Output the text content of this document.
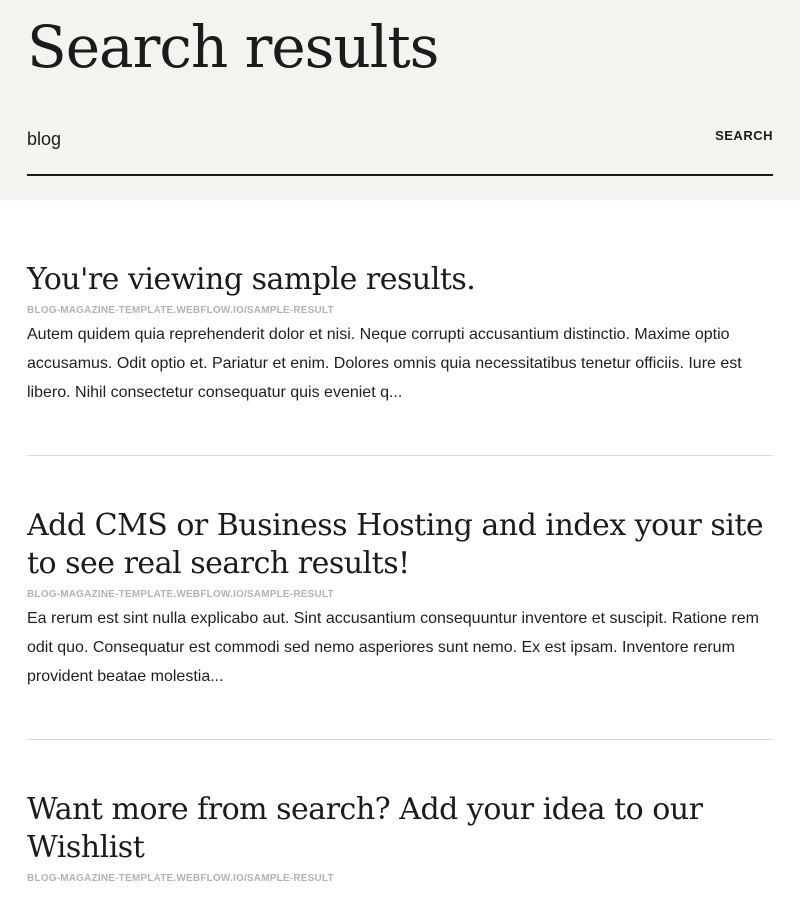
Search results
blog
SEARCH
You're viewing sample results.
BLOG-MAGAZINE-TEMPLATE.WEBFLOW.IO/SAMPLE-RESULT

Autem quidem quia reprehenderit dolor et nisi. Neque corrupti accusantium distinctio. Maxime optio accusamus. Odit optio et. Pariatur et enim. Dolores omnis quia necessitatibus tenetur officiis. Iure est libero. Nihil consectetur consequatur quis eveniet q...

Add CMS or Business Hosting and index your site to see real search results!
BLOG-MAGAZINE-TEMPLATE.WEBFLOW.IO/SAMPLE-RESULT

Ea rerum est sint nulla explicabo aut. Sint accusantium consequuntur inventore et suscipit. Ratione rem odit quo. Consequatur est commodi sed nemo asperiores sunt nemo. Ex est ipsam. Inventore rerum provident beatae molestia...

Want more from search? Add your idea to our Wishlist
BLOG-MAGAZINE-TEMPLATE.WEBFLOW.IO/SAMPLE-RESULT
